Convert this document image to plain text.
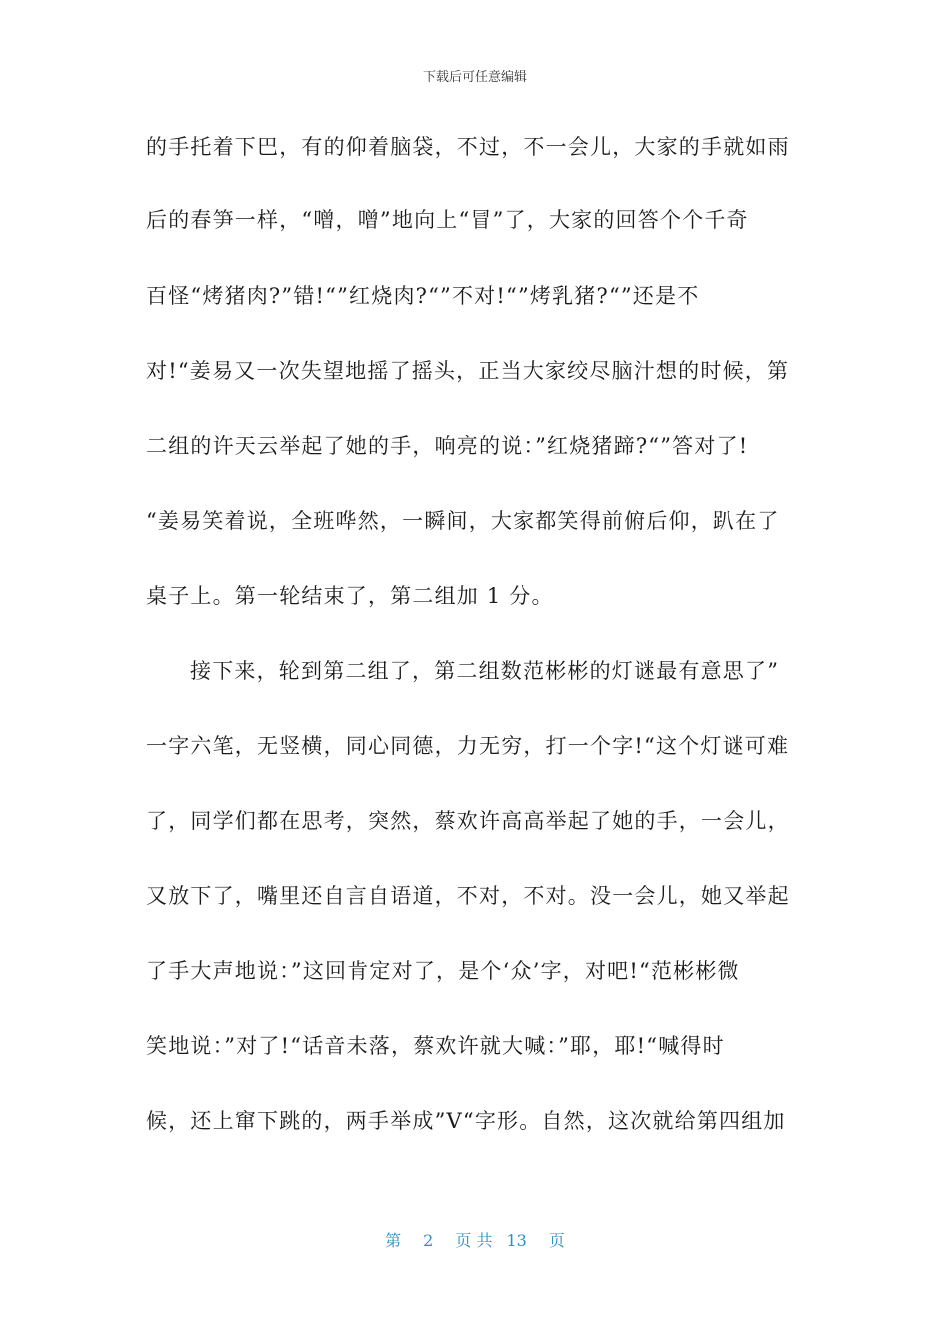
下载后可任意编辑
的手托着下巴，有的仰着脑袋，不过，不一会儿，大家的手就如雨
后的春笋一样，“噌，噌”地向上“冒”了，大家的回答个个千奇
百怪“烤猪肉?”错!“”红烧肉?“”不对!“”烤乳猪?“”还是不
对!“姜易又一次失望地摇了摇头，正当大家绞尽脑汁想的时候，第
二组的许天云举起了她的手，响亮的说：”红烧猪蹄?“”答对了!
“姜易笑着说，全班哗然，一瞬间，大家都笑得前俯后仰，趴在了
桌子上。第一轮结束了，第二组加 1 分。
接下来，轮到第二组了，第二组数范彬彬的灯谜最有意思了”
一字六笔，无竖横，同心同德，力无穷，打一个字!“这个灯谜可难
了，同学们都在思考，突然，蔡欢许高高举起了她的手，一会儿，
又放下了，嘴里还自言自语道，不对，不对。没一会儿，她又举起
了手大声地说：”这回肯定对了，是个‘众’字，对吧!“范彬彬微
笑地说：”对了!“话音未落，蔡欢许就大喊：”耶，耶!“喊得时
候，还上窜下跳的，两手举成”V“字形。自然，这次就给第四组加
第 2 页 共 13 页
